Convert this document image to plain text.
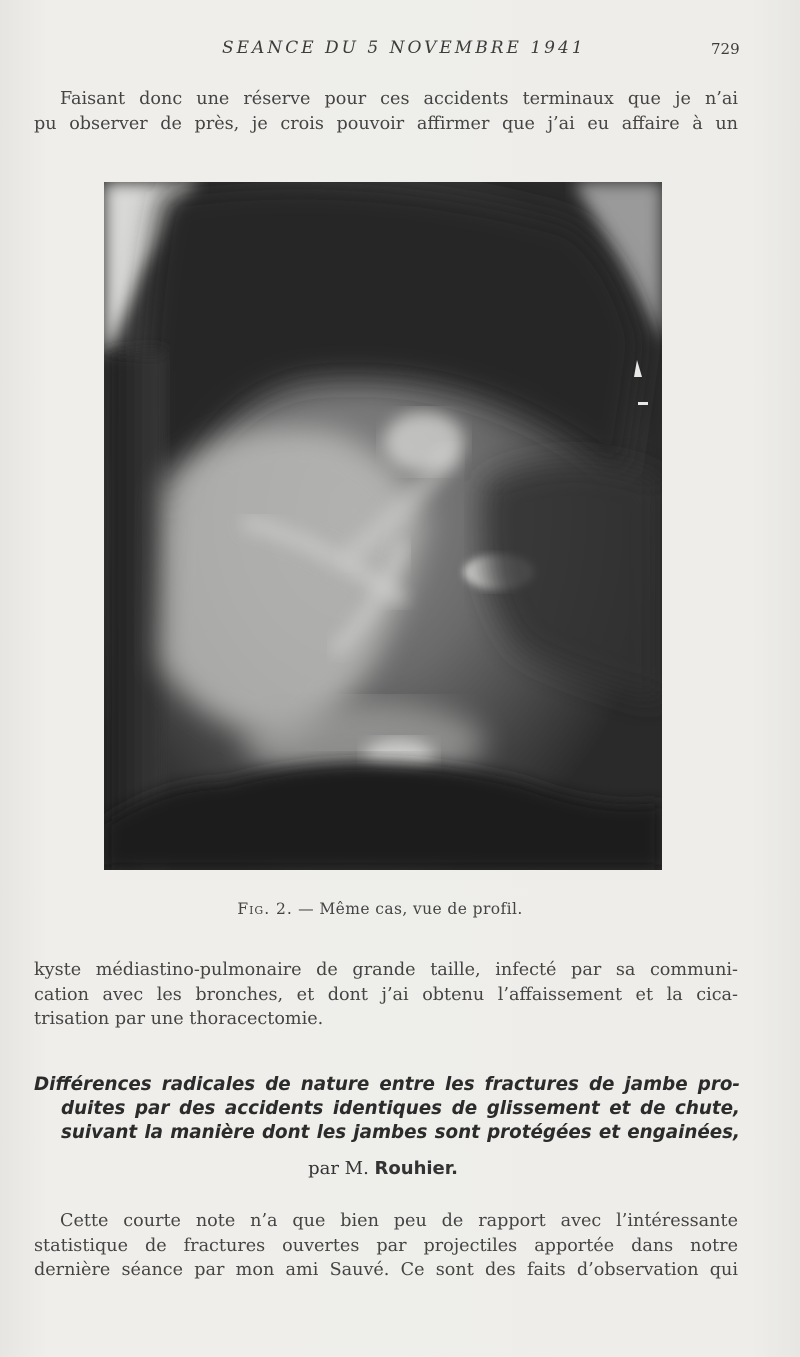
SEANCE DU 5 NOVEMBRE 1941	729
Faisant donc une réserve pour ces accidents terminaux que je n’ai
pu observer de près, je crois pouvoir affirmer que j’ai eu affaire à un
Fig. 2. — Même cas, vue de profil.
kyste médiastino-pulmonaire de grande taille, infecté par sa communi-
cation avec les bronches, et dont j’ai obtenu l’affaissement et la cica-
trisation par une thoracectomie.
Différences radicales de nature entre les fractures de jambe pro-
duites par des accidents identiques de glissement et de chute,
suivant la manière dont les jambes sont protégées et engainées,
par M. Rouhier.
Cette courte note n’a que bien peu de rapport avec l’intéressante
statistique de fractures ouvertes par projectiles apportée dans notre
dernière séance par mon ami Sauvé. Ce sont des faits d’observation qui
